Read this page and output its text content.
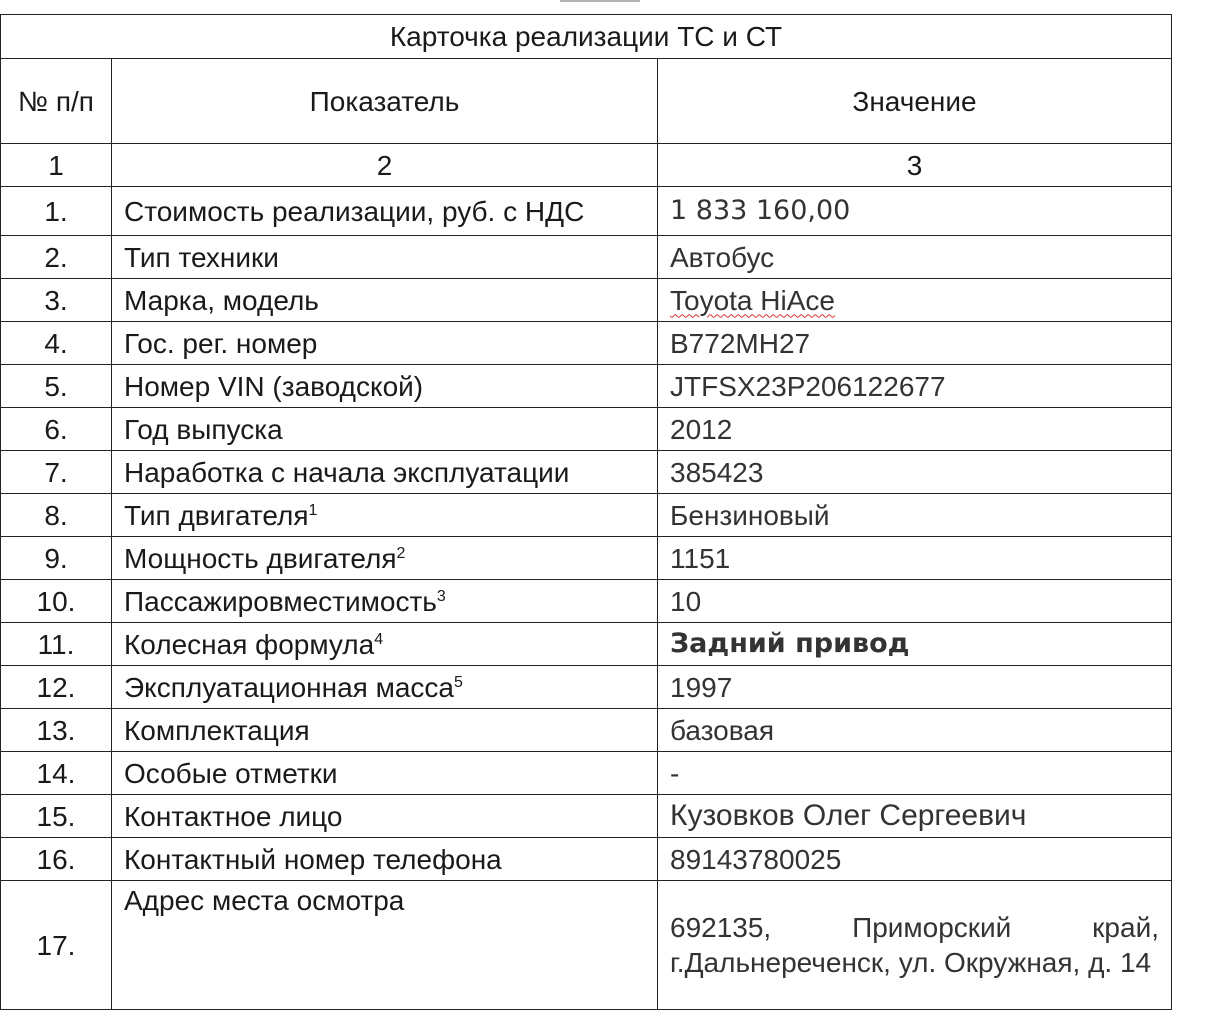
Карточка реализации ТС и СТ		
№ п/п	Показатель	Значение
1	2	3
1.	Стоимость реализации, руб. с НДС	1 833 160,00
2.	Тип техники	Автобус
3.	Марка, модель	Toyota HiAce
4.	Гос. рег. номер	В772МН27
5.	Номер VIN (заводской)	JTFSX23P206122677
6.	Год выпуска	2012
7.	Наработка с начала эксплуатации	385423
8.	Тип двигателя$^1$	Бензиновый
9.	Мощность двигателя$^2$	1151
10.	Пассажировместимость$^3$	10
11.	Колесная формула$^4$	Задний привод
12.	Эксплуатационная масса$^5$	1997
13.	Комплектация	базовая
14.	Особые отметки	-
15.	Контактное лицо	Кузовков Олег Сергеевич
16.	Контактный номер телефона	89143780025
17.	Адрес места осмотра	692135, Приморский край, г.Дальнереченск, ул. Окружная, д. 14
